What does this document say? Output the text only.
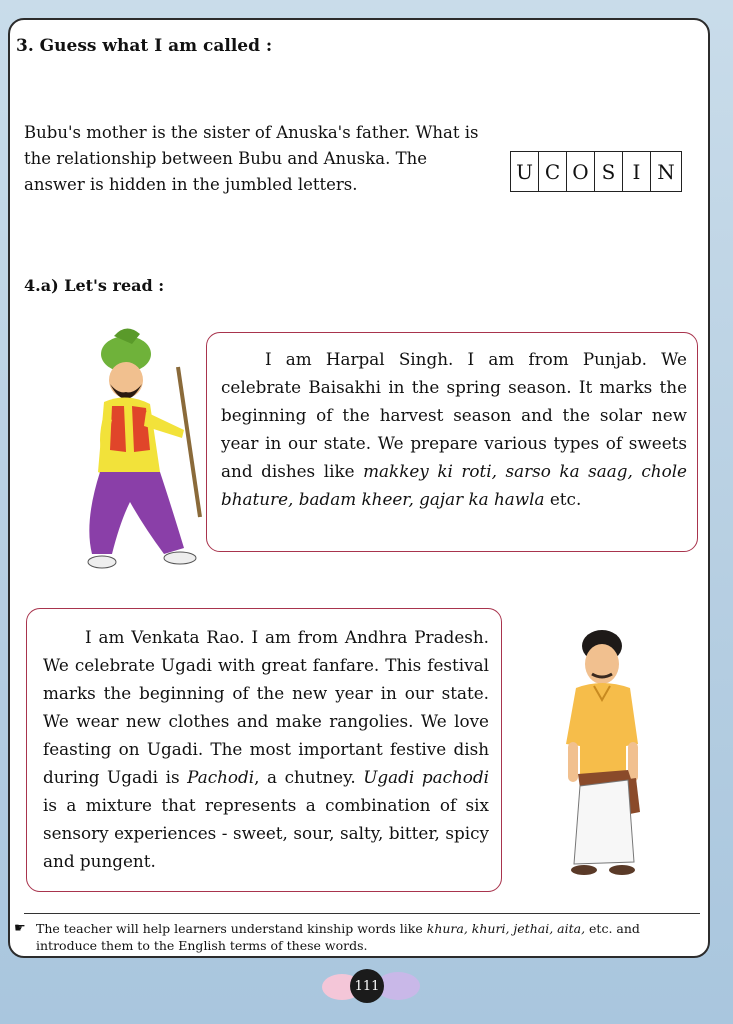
3. Guess what I am called :
Bubu's mother is the sister of Anuska's father. What is the relationship between Bubu and Anuska. The answer is hidden in the jumbled letters.
U C O S I N
4.a) Let's read :
I am Harpal Singh. I am from Punjab. We celebrate Baisakhi in the spring season. It marks the beginning of the harvest season and the solar new year in our state. We prepare various types of sweets and dishes like makkey ki roti, sarso ka saag, chole bhature, badam kheer, gajar ka hawla etc.
I am Venkata Rao. I am from Andhra Pradesh. We celebrate Ugadi with great fanfare. This festival marks the beginning of the new year in our state. We wear new clothes and make rangolies. We love feasting on Ugadi. The most important festive dish during Ugadi is Pachodi, a chutney. Ugadi pachodi is a mixture that represents a combination of six sensory experiences - sweet, sour, salty, bitter, spicy and pungent.
☛ The teacher will help learners understand kinship words like khura, khuri, jethai, aita, etc. and introduce them to the English terms of these words.
111
